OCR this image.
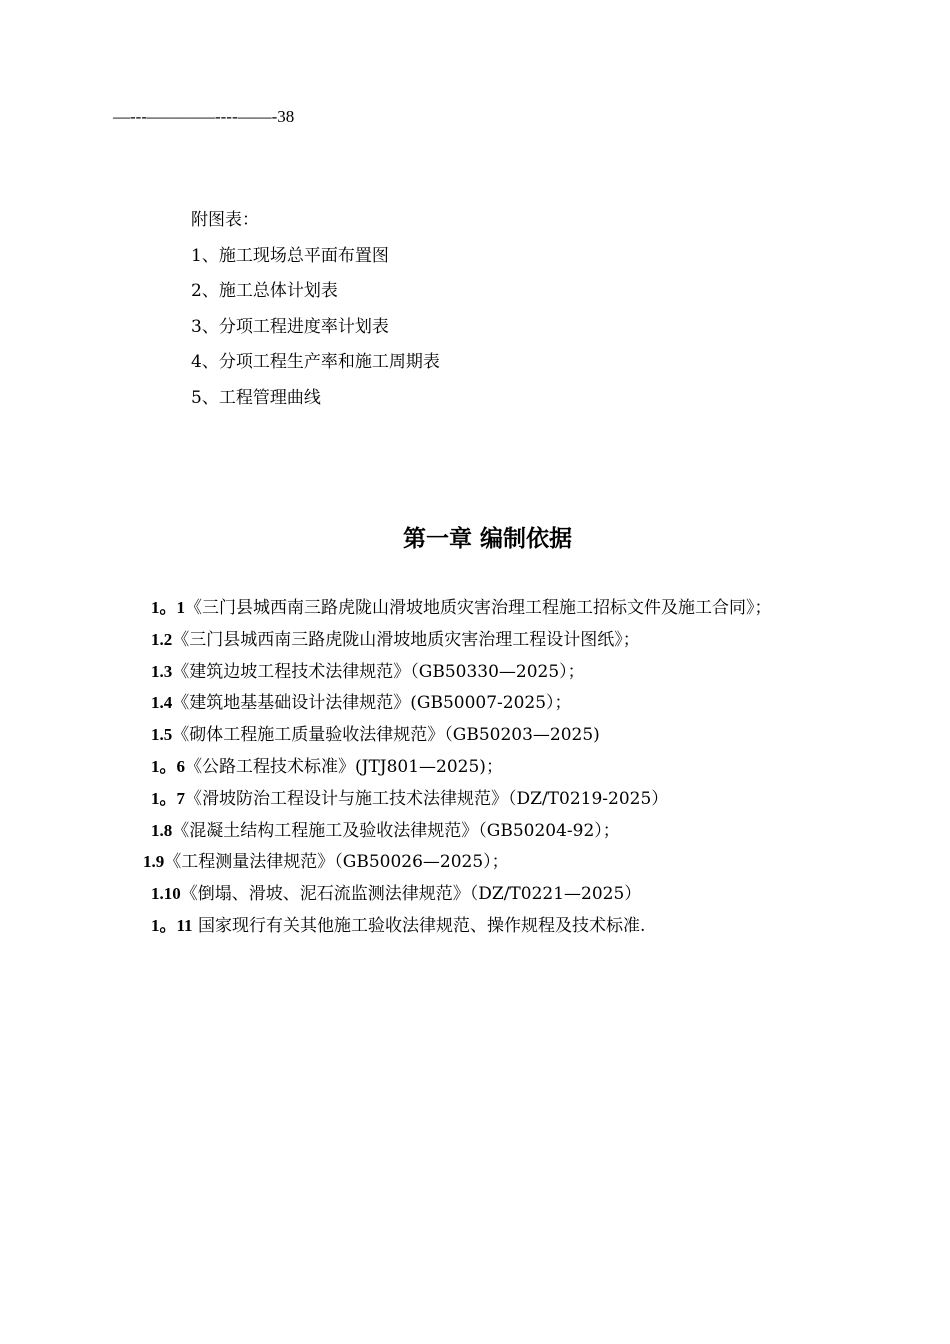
—---————----——-38
附图表：
1、施工现场总平面布置图
2、施工总体计划表
3、分项工程进度率计划表
4、分项工程生产率和施工周期表
5、工程管理曲线
第一章 编制依据
1。1《三门县城西南三路虎陇山滑坡地质灾害治理工程施工招标文件及施工合同》；
1.2《三门县城西南三路虎陇山滑坡地质灾害治理工程设计图纸》；
1.3《建筑边坡工程技术法律规范》（GB50330—2025）；
1.4《建筑地基基础设计法律规范》(GB50007-2025）；
1.5《砌体工程施工质量验收法律规范》（GB50203—2025)
1。6《公路工程技术标准》(JTJ801—2025)；
1。7《滑坡防治工程设计与施工技术法律规范》（DZ/T0219-2025）
1.8《混凝土结构工程施工及验收法律规范》（GB50204-92）；
1.9《工程测量法律规范》（GB50026—2025）；
1.10《倒塌、滑坡、泥石流监测法律规范》（DZ/T0221—2025）
1。11 国家现行有关其他施工验收法律规范、操作规程及技术标准.
